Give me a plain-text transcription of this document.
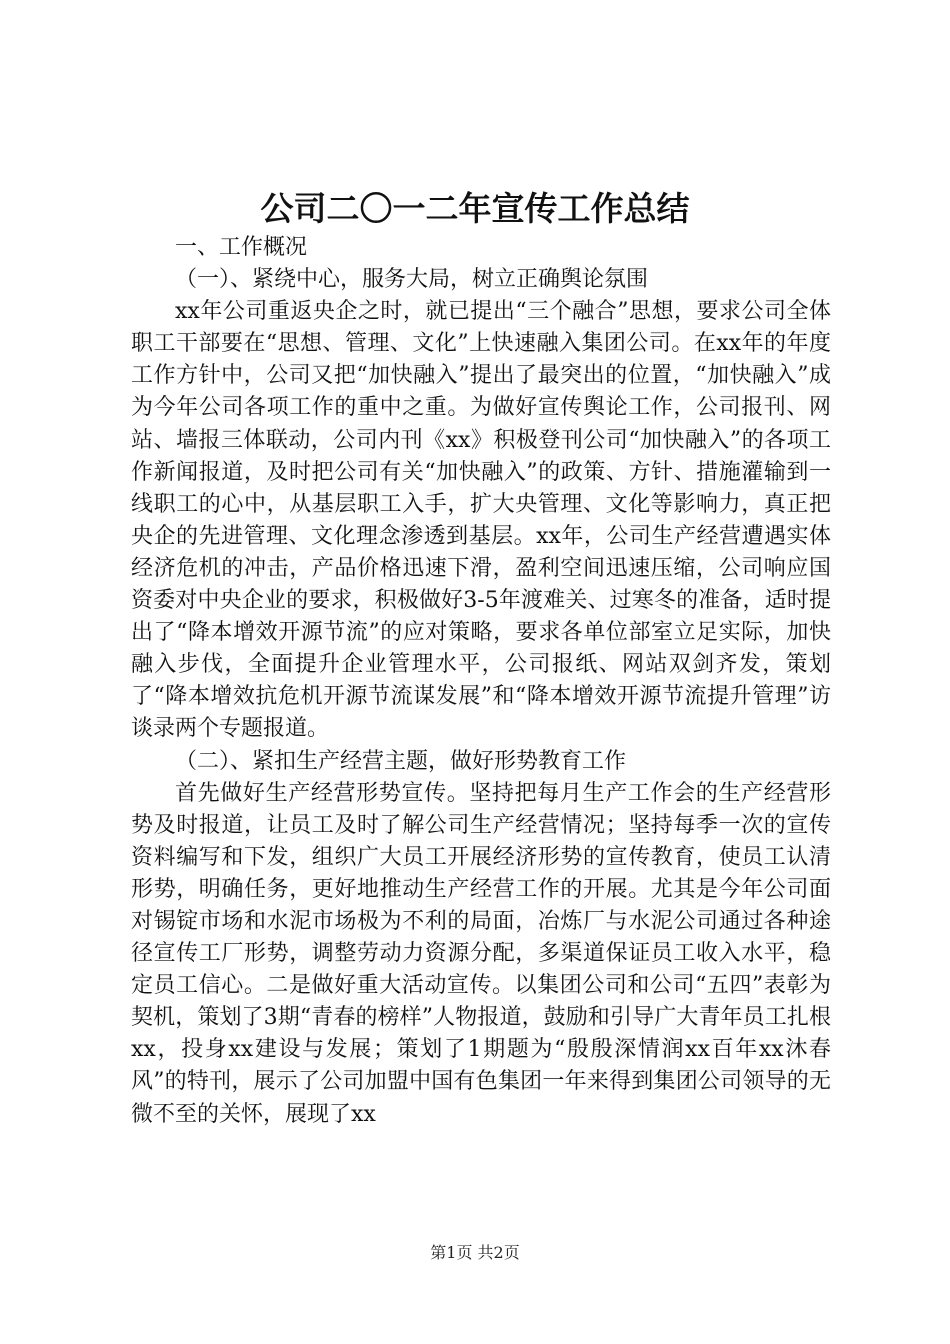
公司二〇一二年宣传工作总结

一、工作概况

（一）、紧绕中心，服务大局，树立正确舆论氛围

xx年公司重返央企之时，就已提出“三个融合”思想，要求公司全体职工干部要在“思想、管理、文化”上快速融入集团公司。在xx年的年度工作方针中，公司又把“加快融入”提出了最突出的位置，“加快融入”成为今年公司各项工作的重中之重。为做好宣传舆论工作，公司报刊、网站、墙报三体联动，公司内刊《xx》积极登刊公司“加快融入”的各项工作新闻报道，及时把公司有关“加快融入”的政策、方针、措施灌输到一线职工的心中，从基层职工入手，扩大央管理、文化等影响力，真正把央企的先进管理、文化理念渗透到基层。xx年，公司生产经营遭遇实体经济危机的冲击，产品价格迅速下滑，盈利空间迅速压缩，公司响应国资委对中央企业的要求，积极做好3-5年渡难关、过寒冬的准备，适时提出了“降本增效开源节流”的应对策略，要求各单位部室立足实际，加快融入步伐，全面提升企业管理水平，公司报纸、网站双剑齐发，策划了“降本增效抗危机开源节流谋发展”和“降本增效开源节流提升管理”访谈录两个专题报道。

（二）、紧扣生产经营主题，做好形势教育工作

首先做好生产经营形势宣传。坚持把每月生产工作会的生产经营形势及时报道，让员工及时了解公司生产经营情况；坚持每季一次的宣传资料编写和下发，组织广大员工开展经济形势的宣传教育，使员工认清形势，明确任务，更好地推动生产经营工作的开展。尤其是今年公司面对锡锭市场和水泥市场极为不利的局面，冶炼厂与水泥公司通过各种途径宣传工厂形势，调整劳动力资源分配，多渠道保证员工收入水平，稳定员工信心。二是做好重大活动宣传。以集团公司和公司“五四”表彰为契机，策划了3期“青春的榜样”人物报道，鼓励和引导广大青年员工扎根xx，投身xx建设与发展；策划了1期题为“殷殷深情润xx百年xx沐春风”的特刊，展示了公司加盟中国有色集团一年来得到集团公司领导的无微不至的关怀，展现了xx

第1页 共2页
